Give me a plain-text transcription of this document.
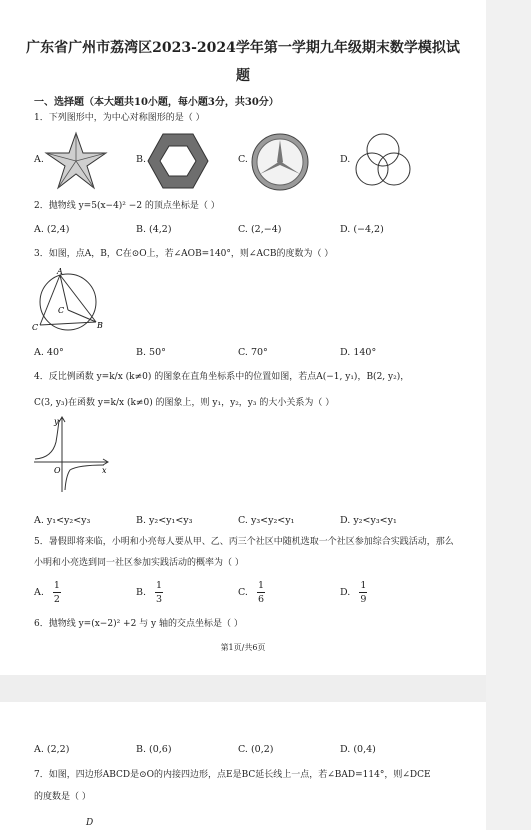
广东省广州市荔湾区2023-2024学年第一学期九年级期末数学模拟试题
一、选择题（本大题共10小题，每小题3分，共30分）
1．下列图形中，为中心对称图形的是（ ）
A.	B.	C.	D.
2．抛物线 y=5(x−4)² −2 的顶点坐标是（ ）
A. (2,4)	B. (4,2)	C. (2,−4)	D. (−4,2)
3．如图，点A，B，C在⊙O上，若∠AOB=140°，则∠ACB的度数为（ ）
A
C
B
C
A. 40°	B. 50°	C. 70°	D. 140°
4．反比例函数 y=k/x (k≠0) 的图象在直角坐标系中的位置如图，若点A(−1, y₁)，B(2, y₂)，
C(3, y₃)在函数 y=k/x (k≠0) 的图象上，则 y₁，y₂，y₃ 的大小关系为（ ）
y
O	x
A. y₁<y₂<y₃	B. y₂<y₁<y₃	C. y₃<y₂<y₁	D. y₂<y₃<y₁
5．暑假即将来临，小明和小亮每人要从甲、乙、丙三个社区中随机选取一个社区参加综合实践活动，那么
小明和小亮选到同一社区参加实践活动的概率为（ ）
A. $\frac{1}{2}$	B. $\frac{1}{3}$	C. $\frac{1}{6}$	D. $\frac{1}{9}$
6．抛物线 y=(x−2)² +2 与 y 轴的交点坐标是（ ）
第1页/共6页
A. (2,2)	B. (0,6)	C. (0,2)	D. (0,4)
7．如图，四边形ABCD是⊙O的内接四边形，点E是BC延长线上一点，若∠BAD=114°，则∠DCE
的度数是（ ）
D
